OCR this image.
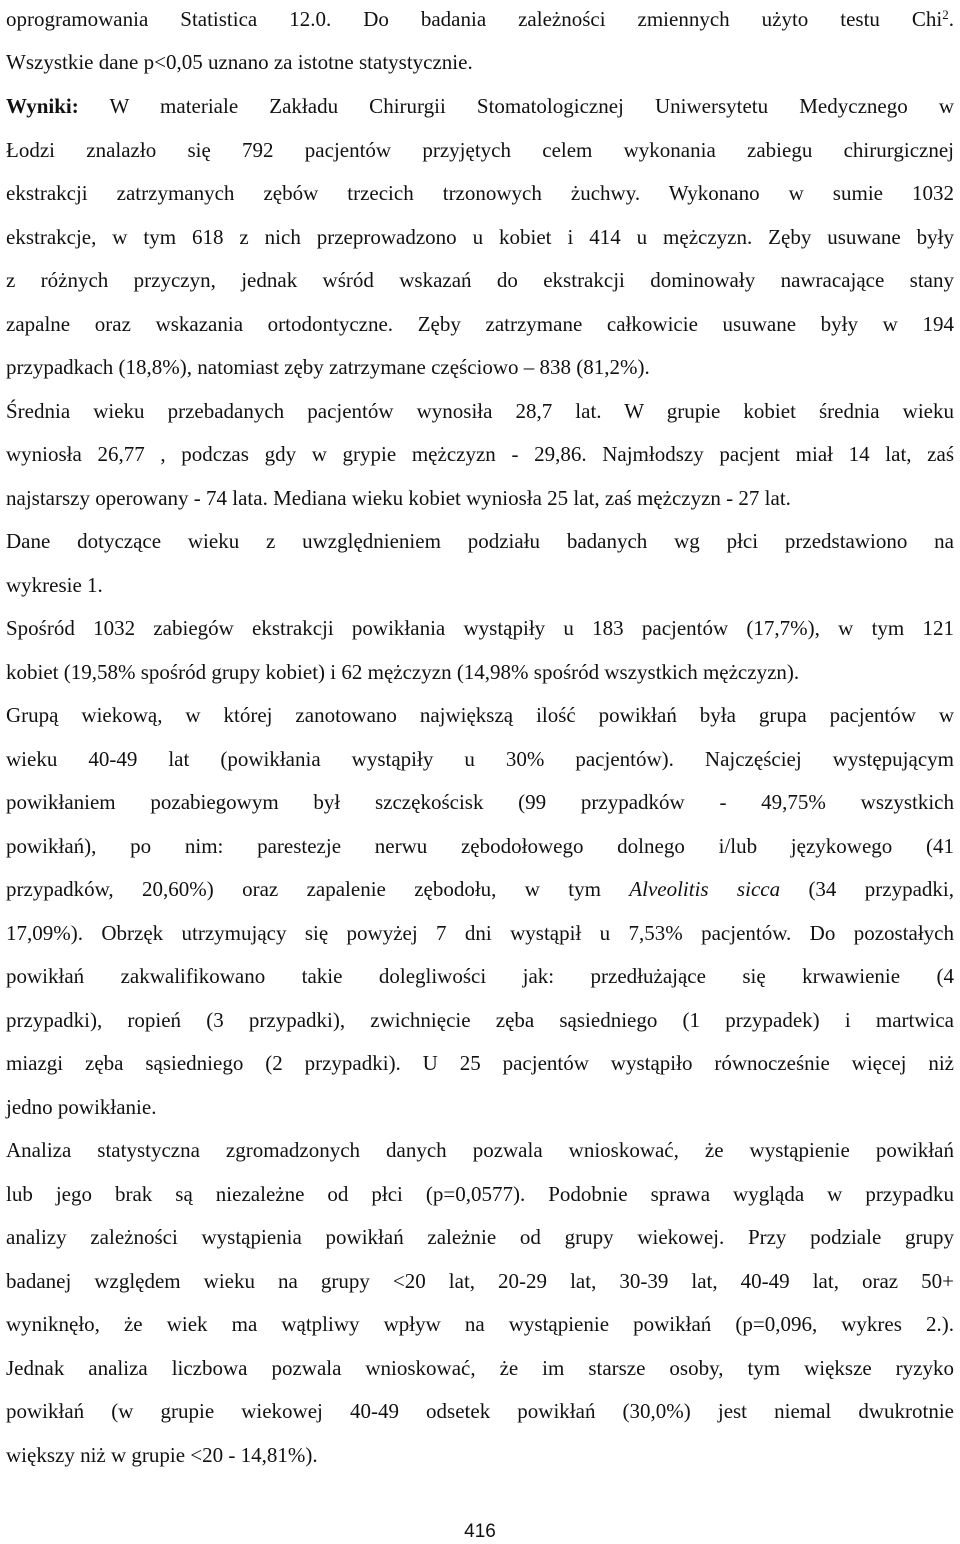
oprogramowania Statistica 12.0. Do badania zależności zmiennych użyto testu Chi$^2$.
Wszystkie dane p<0,05 uznano za istotne statystycznie.
Wyniki: W materiale Zakładu Chirurgii Stomatologicznej Uniwersytetu Medycznego w
Łodzi znalazło się 792 pacjentów przyjętych celem wykonania zabiegu chirurgicznej
ekstrakcji zatrzymanych zębów trzecich trzonowych żuchwy. Wykonano w sumie 1032
ekstrakcje, w tym 618 z nich przeprowadzono u kobiet i 414 u mężczyzn. Zęby usuwane były
z różnych przyczyn, jednak wśród wskazań do ekstrakcji dominowały nawracające stany
zapalne oraz wskazania ortodontyczne. Zęby zatrzymane całkowicie usuwane były w 194
przypadkach (18,8%), natomiast zęby zatrzymane częściowo – 838 (81,2%).
Średnia wieku przebadanych pacjentów wynosiła 28,7 lat. W grupie kobiet średnia wieku
wyniosła 26,77 , podczas gdy w grypie mężczyzn - 29,86. Najmłodszy pacjent miał 14 lat, zaś
najstarszy operowany - 74 lata. Mediana wieku kobiet wyniosła 25 lat, zaś mężczyzn - 27 lat.
Dane dotyczące wieku z uwzględnieniem podziału badanych wg płci przedstawiono na
wykresie 1.
Spośród 1032 zabiegów ekstrakcji powikłania wystąpiły u 183 pacjentów (17,7%), w tym 121
kobiet (19,58% spośród grupy kobiet) i 62 mężczyzn (14,98% spośród wszystkich mężczyzn).
Grupą wiekową, w której zanotowano największą ilość powikłań była grupa pacjentów w
wieku 40-49 lat (powikłania wystąpiły u 30% pacjentów). Najczęściej występującym
powikłaniem pozabiegowym był szczękościsk (99 przypadków - 49,75% wszystkich
powikłań), po nim: parestezje nerwu zębodołowego dolnego i/lub językowego (41
przypadków, 20,60%) oraz zapalenie zębodołu, w tym Alveolitis sicca (34 przypadki,
17,09%). Obrzęk utrzymujący się powyżej 7 dni wystąpił u 7,53% pacjentów. Do pozostałych
powikłań zakwalifikowano takie dolegliwości jak: przedłużające się krwawienie (4
przypadki), ropień (3 przypadki), zwichnięcie zęba sąsiedniego (1 przypadek) i martwica
miazgi zęba sąsiedniego (2 przypadki). U 25 pacjentów wystąpiło równocześnie więcej niż
jedno powikłanie.
Analiza statystyczna zgromadzonych danych pozwala wnioskować, że wystąpienie powikłań
lub jego brak są niezależne od płci (p=0,0577). Podobnie sprawa wygląda w przypadku
analizy zależności wystąpienia powikłań zależnie od grupy wiekowej. Przy podziale grupy
badanej względem wieku na grupy <20 lat, 20-29 lat, 30-39 lat, 40-49 lat, oraz 50+
wyniknęło, że wiek ma wątpliwy wpływ na wystąpienie powikłań (p=0,096, wykres 2.).
Jednak analiza liczbowa pozwala wnioskować, że im starsze osoby, tym większe ryzyko
powikłań (w grupie wiekowej 40-49 odsetek powikłań (30,0%) jest niemal dwukrotnie
większy niż w grupie <20 - 14,81%).
416
